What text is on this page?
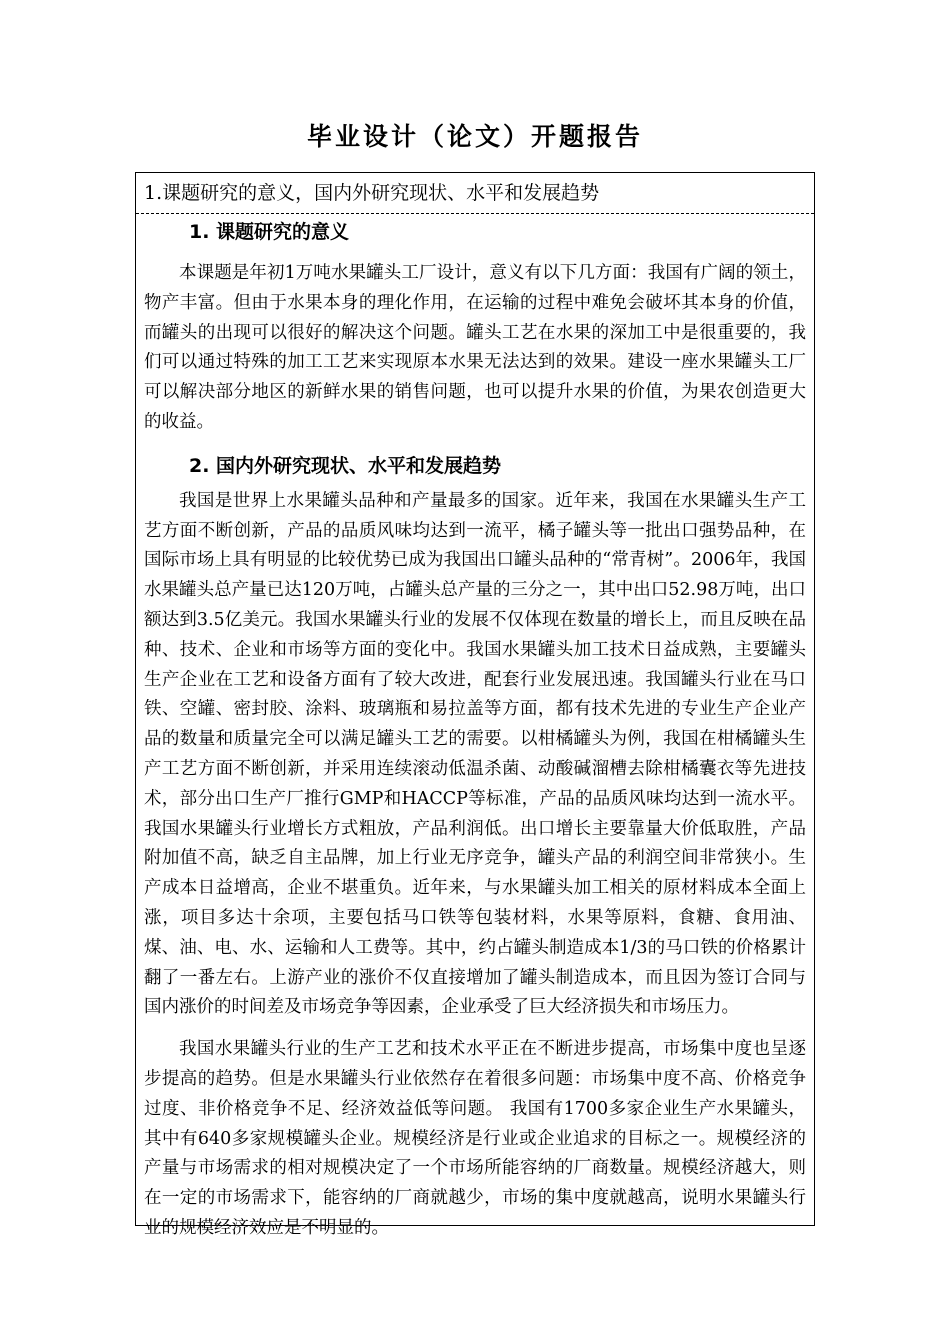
毕业设计（论文）开题报告
1.课题研究的意义，国内外研究现状、水平和发展趋势
1. 课题研究的意义

本课题是年初1万吨水果罐头工厂设计，意义有以下几方面：我国有广阔的领土，物产丰富。但由于水果本身的理化作用，在运输的过程中难免会破坏其本身的价值，而罐头的出现可以很好的解决这个问题。罐头工艺在水果的深加工中是很重要的，我们可以通过特殊的加工工艺来实现原本水果无法达到的效果。建设一座水果罐头工厂可以解决部分地区的新鲜水果的销售问题，也可以提升水果的价值，为果农创造更大的收益。

2. 国内外研究现状、水平和发展趋势

我国是世界上水果罐头品种和产量最多的国家。近年来，我国在水果罐头生产工艺方面不断创新，产品的品质风味均达到一流平，橘子罐头等一批出口强势品种，在国际市场上具有明显的比较优势已成为我国出口罐头品种的“常青树”。2006年，我国水果罐头总产量已达120万吨，占罐头总产量的三分之一，其中出口52.98万吨，出口额达到3.5亿美元。我国水果罐头行业的发展不仅体现在数量的增长上，而且反映在品种、技术、企业和市场等方面的变化中。我国水果罐头加工技术日益成熟，主要罐头生产企业在工艺和设备方面有了较大改进，配套行业发展迅速。我国罐头行业在马口铁、空罐、密封胶、涂料、玻璃瓶和易拉盖等方面，都有技术先进的专业生产企业产品的数量和质量完全可以满足罐头工艺的需要。以柑橘罐头为例，我国在柑橘罐头生产工艺方面不断创新，并采用连续滚动低温杀菌、动酸碱溜槽去除柑橘囊衣等先进技术，部分出口生产厂推行GMP和HACCP等标准，产品的品质风味均达到一流水平。我国水果罐头行业增长方式粗放，产品利润低。出口增长主要靠量大价低取胜，产品附加值不高，缺乏自主品牌，加上行业无序竞争，罐头产品的利润空间非常狭小。生产成本日益增高，企业不堪重负。近年来，与水果罐头加工相关的原材料成本全面上涨，项目多达十余项，主要包括马口铁等包装材料，水果等原料，食糖、食用油、煤、油、电、水、运输和人工费等。其中，约占罐头制造成本1/3的马口铁的价格累计翻了一番左右。上游产业的涨价不仅直接增加了罐头制造成本，而且因为签订合同与国内涨价的时间差及市场竞争等因素，企业承受了巨大经济损失和市场压力。

我国水果罐头行业的生产工艺和技术水平正在不断进步提高，市场集中度也呈逐步提高的趋势。但是水果罐头行业依然存在着很多问题：市场集中度不高、价格竞争过度、非价格竞争不足、经济效益低等问题。 我国有1700多家企业生产水果罐头，其中有640多家规模罐头企业。规模经济是行业或企业追求的目标之一。规模经济的产量与市场需求的相对规模决定了一个市场所能容纳的厂商数量。规模经济越大，则在一定的市场需求下，能容纳的厂商就越少，市场的集中度就越高，说明水果罐头行业的规模经济效应是不明显的。
